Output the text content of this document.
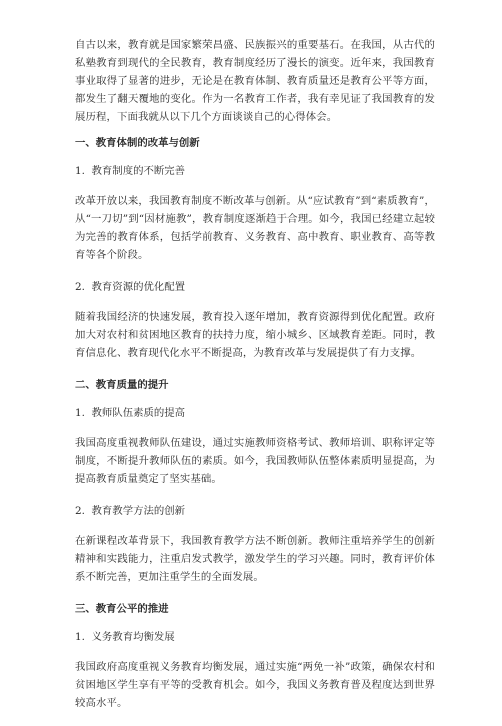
自古以来，教育就是国家繁荣昌盛、民族振兴的重要基石。在我国，从古代的私塾教育到现代的全民教育，教育制度经历了漫长的演变。近年来，我国教育事业取得了显著的进步，无论是在教育体制、教育质量还是教育公平等方面，都发生了翻天覆地的变化。作为一名教育工作者，我有幸见证了我国教育的发展历程，下面我就从以下几个方面谈谈自己的心得体会。

一、教育体制的改革与创新
1.  教育制度的不断完善

改革开放以来，我国教育制度不断改革与创新。从“应试教育”到“素质教育”，从“一刀切”到“因材施教”，教育制度逐渐趋于合理。如今，我国已经建立起较为完善的教育体系，包括学前教育、义务教育、高中教育、职业教育、高等教育等各个阶段。

2.  教育资源的优化配置

随着我国经济的快速发展，教育投入逐年增加，教育资源得到优化配置。政府加大对农村和贫困地区教育的扶持力度，缩小城乡、区域教育差距。同时，教育信息化、教育现代化水平不断提高，为教育改革与发展提供了有力支撑。

二、教育质量的提升
1.  教师队伍素质的提高

我国高度重视教师队伍建设，通过实施教师资格考试、教师培训、职称评定等制度，不断提升教师队伍的素质。如今，我国教师队伍整体素质明显提高，为提高教育质量奠定了坚实基础。

2.  教育教学方法的创新

在新课程改革背景下，我国教育教学方法不断创新。教师注重培养学生的创新精神和实践能力，注重启发式教学，激发学生的学习兴趣。同时，教育评价体系不断完善，更加注重学生的全面发展。

三、教育公平的推进
1.  义务教育均衡发展

我国政府高度重视义务教育均衡发展，通过实施“两免一补”政策，确保农村和贫困地区学生享有平等的受教育机会。如今，我国义务教育普及程度达到世界较高水平。
